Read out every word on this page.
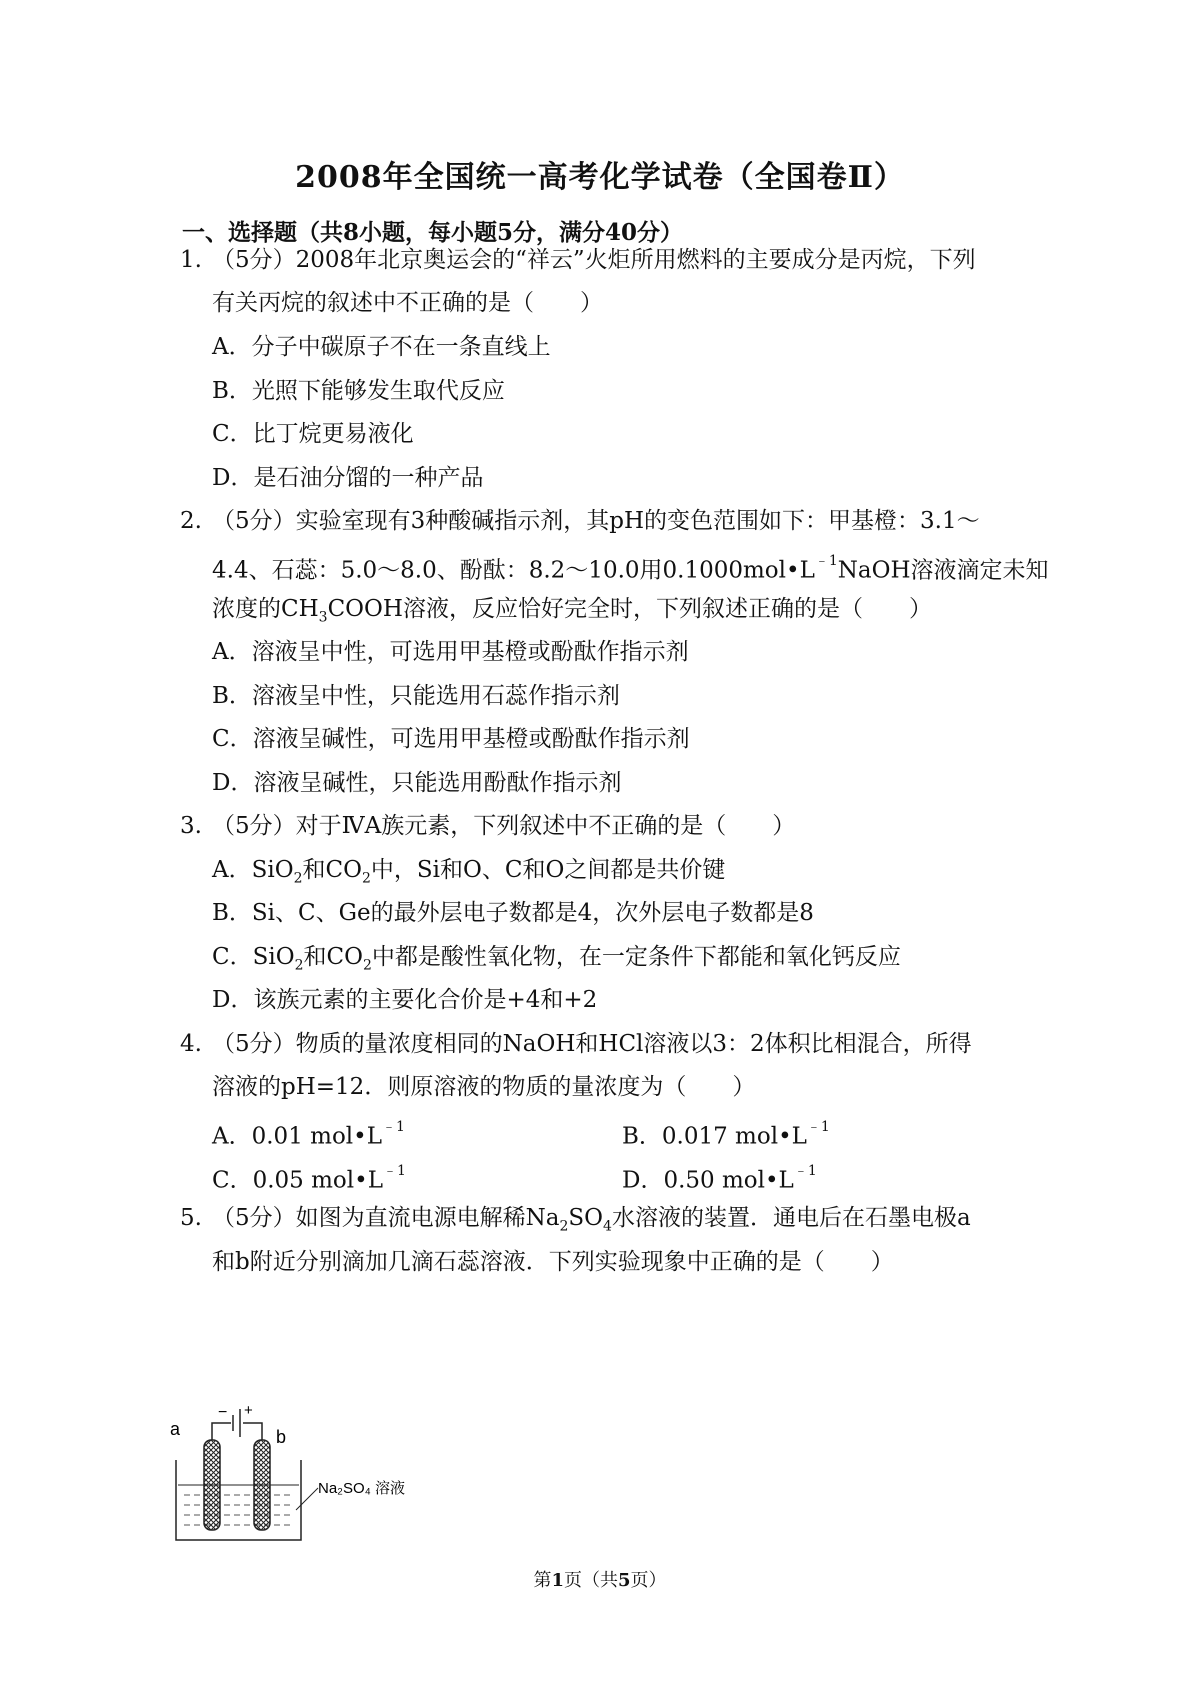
2008年全国统一高考化学试卷（全国卷Ⅱ）
一、选择题（共8小题，每小题5分，满分40分）
1. （5分）2008年北京奥运会的“祥云”火炬所用燃料的主要成分是丙烷，下列
有关丙烷的叙述中不正确的是（　　）
A．分子中碳原子不在一条直线上
B．光照下能够发生取代反应
C．比丁烷更易液化
D．是石油分馏的一种产品
2. （5分）实验室现有3种酸碱指示剂，其pH的变色范围如下：甲基橙：3.1～
4.4、石蕊：5.0～8.0、酚酞：8.2～10.0用$0.1000mol•L^{﹣1}NaOH$溶液滴定未知
浓度的$CH_3COOH$溶液，反应恰好完全时，下列叙述正确的是（　　）
A．溶液呈中性，可选用甲基橙或酚酞作指示剂
B．溶液呈中性，只能选用石蕊作指示剂
C．溶液呈碱性，可选用甲基橙或酚酞作指示剂
D．溶液呈碱性，只能选用酚酞作指示剂
3. （5分）对于ⅣA族元素，下列叙述中不正确的是（　　）
A．SiO$_2$和$CO_2$中，Si和O、C和O之间都是共价键
B．Si、C、Ge的最外层电子数都是4，次外层电子数都是8
C．SiO$_2$和$CO_2$中都是酸性氧化物，在一定条件下都能和氧化钙反应
D．该族元素的主要化合价是+4和+2
4. （5分）物质的量浓度相同的NaOH和HCl溶液以3：2体积比相混合，所得
溶液的pH=12．则原溶液的物质的量浓度为（　　）
A．0.01 $mol•L^{﹣1}$	B．0.017 $mol•L^{﹣1}$
C．0.05 $mol•L^{﹣1}$	D．0.50 $mol•L^{﹣1}$
5. （5分）如图为直流电源电解稀$Na_2SO_4$水溶液的装置．通电后在石墨电极a
和b附近分别滴加几滴石蕊溶液．下列实验现象中正确的是（　　）
− +
a	b
Na₂SO₄ 溶液
第1页（共5页）
